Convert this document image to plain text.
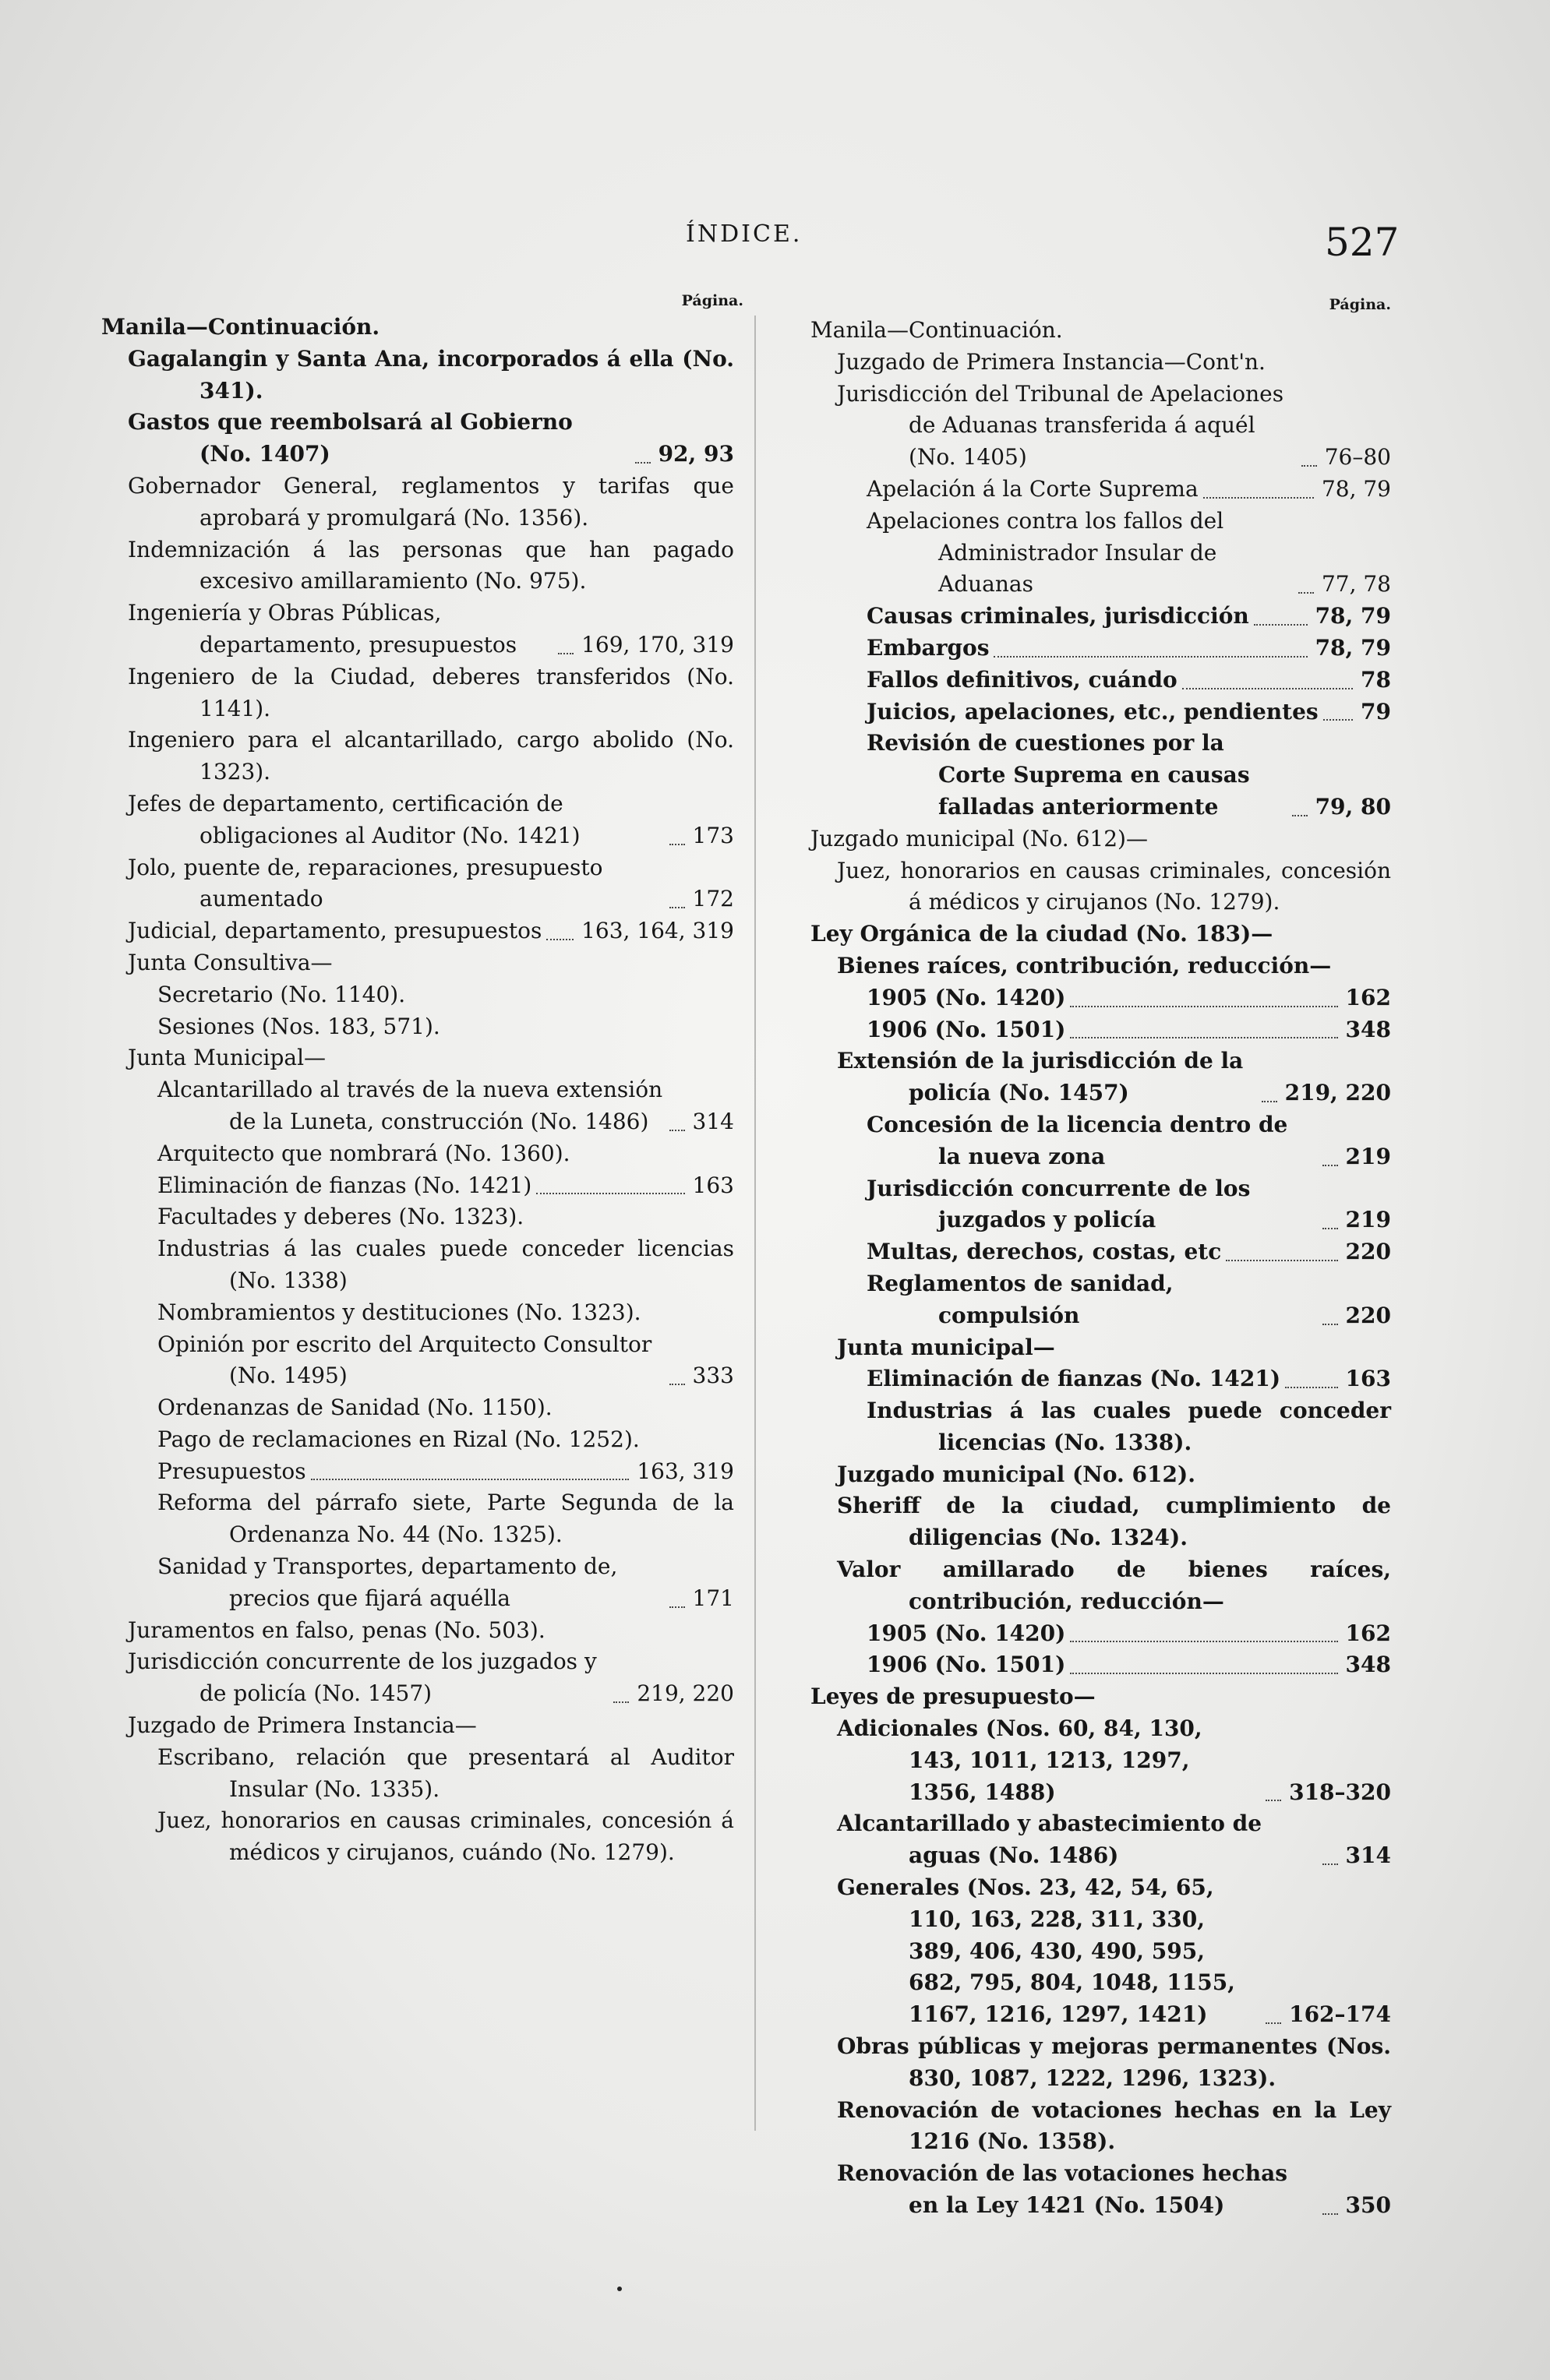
ÍNDICE.	527
Página.
Manila—Continuación.
Gagalangin y Santa Ana, incorporados á ella (No. 341).
Gastos que reembolsará al Gobierno (No. 1407)	92, 93
Gobernador General, reglamentos y tarifas que aprobará y promulgará (No. 1356).
Indemnización á las personas que han pagado excesivo amillaramiento (No. 975).
Ingeniería y Obras Públicas, departamento, presupuestos	169, 170, 319
Ingeniero de la Ciudad, deberes transferidos (No. 1141).
Ingeniero para el alcantarillado, cargo abolido (No. 1323).
Jefes de departamento, certificación de obligaciones al Auditor (No. 1421)	173
Jolo, puente de, reparaciones, presupuesto aumentado	172
Judicial, departamento, presupuestos 163, 164, 319
Junta Consultiva—
Secretario (No. 1140).
Sesiones (Nos. 183, 571).
Junta Municipal—
Alcantarillado al través de la nueva extensión de la Luneta, construcción (No. 1486)	314
Arquitecto que nombrará (No. 1360).
Eliminación de fianzas (No. 1421)	163
Facultades y deberes (No. 1323).
Industrias á las cuales puede conceder licencias (No. 1338)
Nombramientos y destituciones (No. 1323).
Opinión por escrito del Arquitecto Consultor (No. 1495)	333
Ordenanzas de Sanidad (No. 1150).
Pago de reclamaciones en Rizal (No. 1252).
Presupuestos	163, 319
Reforma del párrafo siete, Parte Segunda de la Ordenanza No. 44 (No. 1325).
Sanidad y Transportes, departamento de, precios que fijará aquélla	171
Juramentos en falso, penas (No. 503).
Jurisdicción concurrente de los juzgados y de policía (No. 1457)	219, 220
Juzgado de Primera Instancia—
Escribano, relación que presentará al Auditor Insular (No. 1335).
Juez, honorarios en causas criminales, concesión á médicos y cirujanos, cuándo (No. 1279).
Página.
Manila—Continuación.
Juzgado de Primera Instancia—Cont'n.
Jurisdicción del Tribunal de Apelaciones de Aduanas transferida á aquél (No. 1405)	76–80
Apelación á la Corte Suprema	78, 79
Apelaciones contra los fallos del Administrador Insular de Aduanas	77, 78
Causas criminales, jurisdicción	78, 79
Embargos	78, 79
Fallos definitivos, cuándo	78
Juicios, apelaciones, etc., pendientes 79
Revisión de cuestiones por la Corte Suprema en causas falladas anteriormente	79, 80
Juzgado municipal (No. 612)—
Juez, honorarios en causas criminales, concesión á médicos y cirujanos (No. 1279).
Ley Orgánica de la ciudad (No. 183)—
Bienes raíces, contribución, reducción—
1905 (No. 1420)	162
1906 (No. 1501)	348
Extensión de la jurisdicción de la policía (No. 1457)	219, 220
Concesión de la licencia dentro de la nueva zona	219
Jurisdicción concurrente de los juzgados y policía	219
Multas, derechos, costas, etc	220
Reglamentos de sanidad, compulsión	220
Junta municipal—
Eliminación de fianzas (No. 1421)	163
Industrias á las cuales puede conceder licencias (No. 1338).
Juzgado municipal (No. 612).
Sheriff de la ciudad, cumplimiento de diligencias (No. 1324).
Valor amillarado de bienes raíces, contribución, reducción—
1905 (No. 1420)	162
1906 (No. 1501)	348
Leyes de presupuesto—
Adicionales (Nos. 60, 84, 130, 143, 1011, 1213, 1297, 1356, 1488)	318–320
Alcantarillado y abastecimiento de aguas (No. 1486)	314
Generales (Nos. 23, 42, 54, 65, 110, 163, 228, 311, 330, 389, 406, 430, 490, 595, 682, 795, 804, 1048, 1155, 1167, 1216, 1297, 1421)	162–174
Obras públicas y mejoras permanentes (Nos. 830, 1087, 1222, 1296, 1323).
Renovación de votaciones hechas en la Ley 1216 (No. 1358).
Renovación de las votaciones hechas en la Ley 1421 (No. 1504)	350
